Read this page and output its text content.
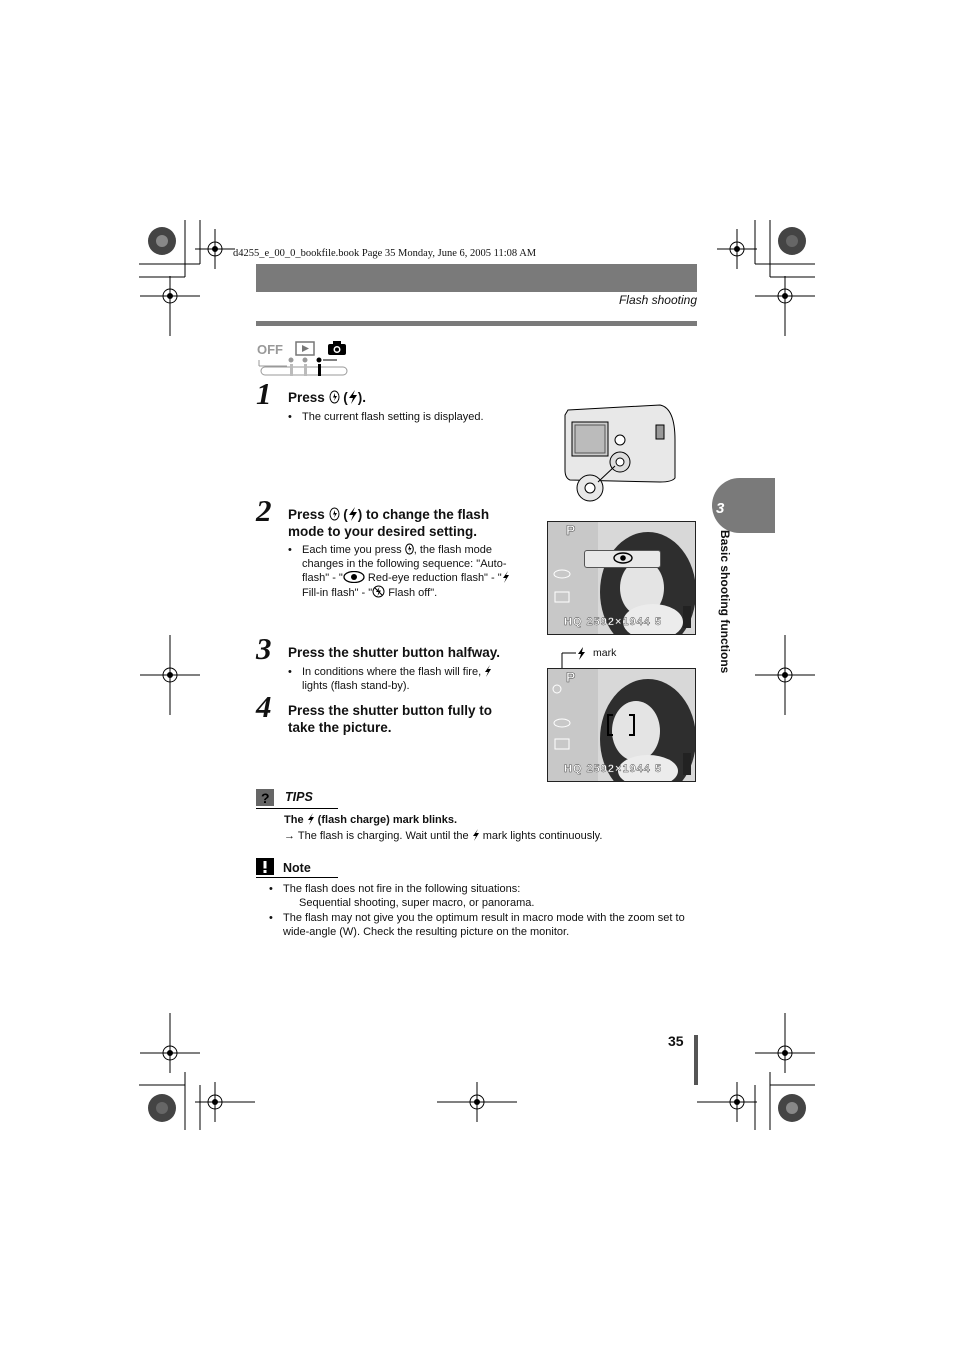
d4255_e_00_0_bookfile.book Page 35 Monday, June 6, 2005 11:08 AM
Flash shooting
OFF
1 Press  ( ).
• The current flash setting is displayed.
2 Press  ( ) to change the flash mode to your desired setting.
• Each time you press , the flash mode changes in the following sequence: "Auto-flash" - " Red-eye reduction flash" - " Fill-in flash" - " Flash off".
P
HQ 2592×1944 5
3
Basic shooting functions
3 Press the shutter button halfway.
• In conditions where the flash will fire,
lights (flash stand-by).
4 Press the shutter button fully to take the picture.
mark
P
HQ 2592×1944 5
? TIPS
The  (flash charge) mark blinks.
→ The flash is charging. Wait until the  mark lights continuously.
Note
• The flash does not fire in the following situations:
Sequential shooting, super macro, or panorama.
• The flash may not give you the optimum result in macro mode with the zoom set to wide-angle (W). Check the resulting picture on the monitor.
35
